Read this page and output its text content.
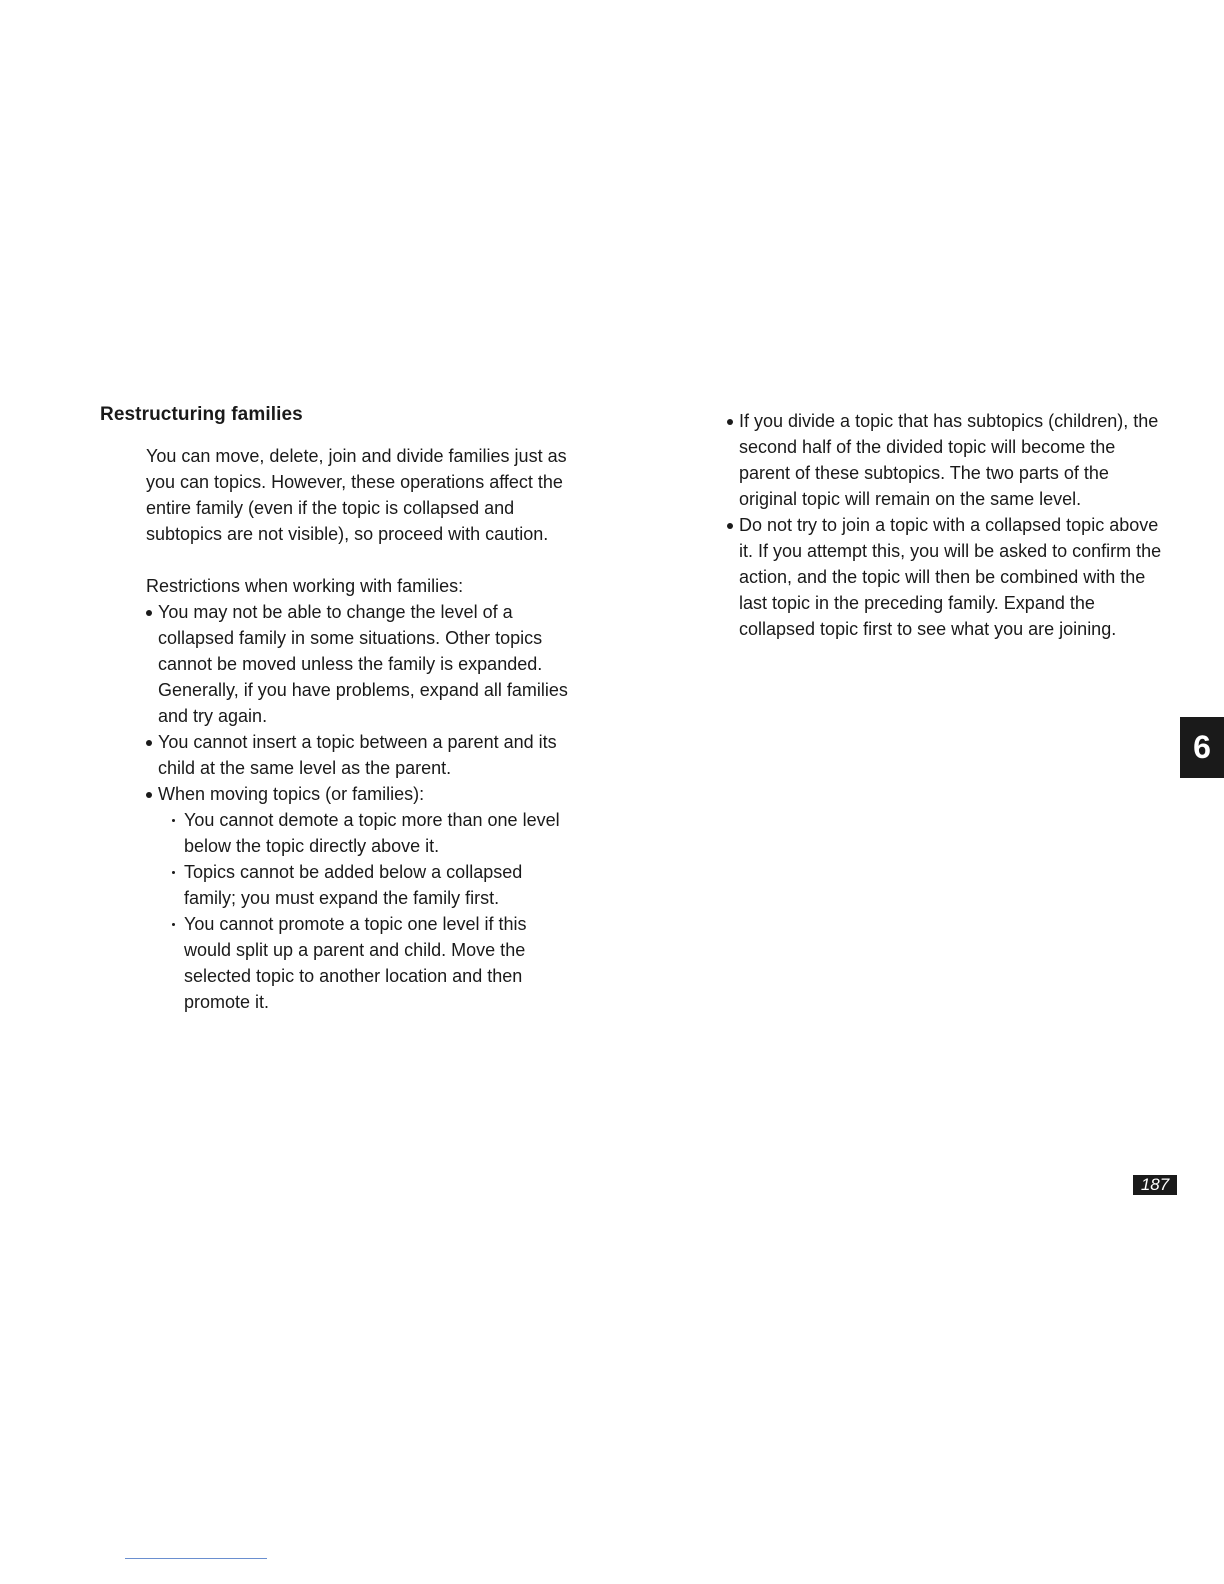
Restructuring families

You can move, delete, join and divide families just as you can topics. However, these operations affect the entire family (even if the topic is collapsed and subtopics are not visible), so proceed with caution.

Restrictions when working with families:

You may not be able to change the level of a collapsed family in some situations. Other topics cannot be moved unless the family is expanded. Generally, if you have problems, expand all families and try again.
You cannot insert a topic between a parent and its child at the same level as the parent.
When moving topics (or families):
You cannot demote a topic more than one level below the topic directly above it.
Topics cannot be added below a collapsed family; you must expand the family first.
You cannot promote a topic one level if this would split up a parent and child. Move the selected topic to another location and then promote it.
If you divide a topic that has subtopics (children), the second half of the divided topic will become the parent of these subtopics. The two parts of the original topic will remain on the same level.
Do not try to join a topic with a collapsed topic above it. If you attempt this, you will be asked to confirm the action, and the topic will then be combined with the last topic in the preceding family. Expand the collapsed topic first to see what you are joining.
6
187
